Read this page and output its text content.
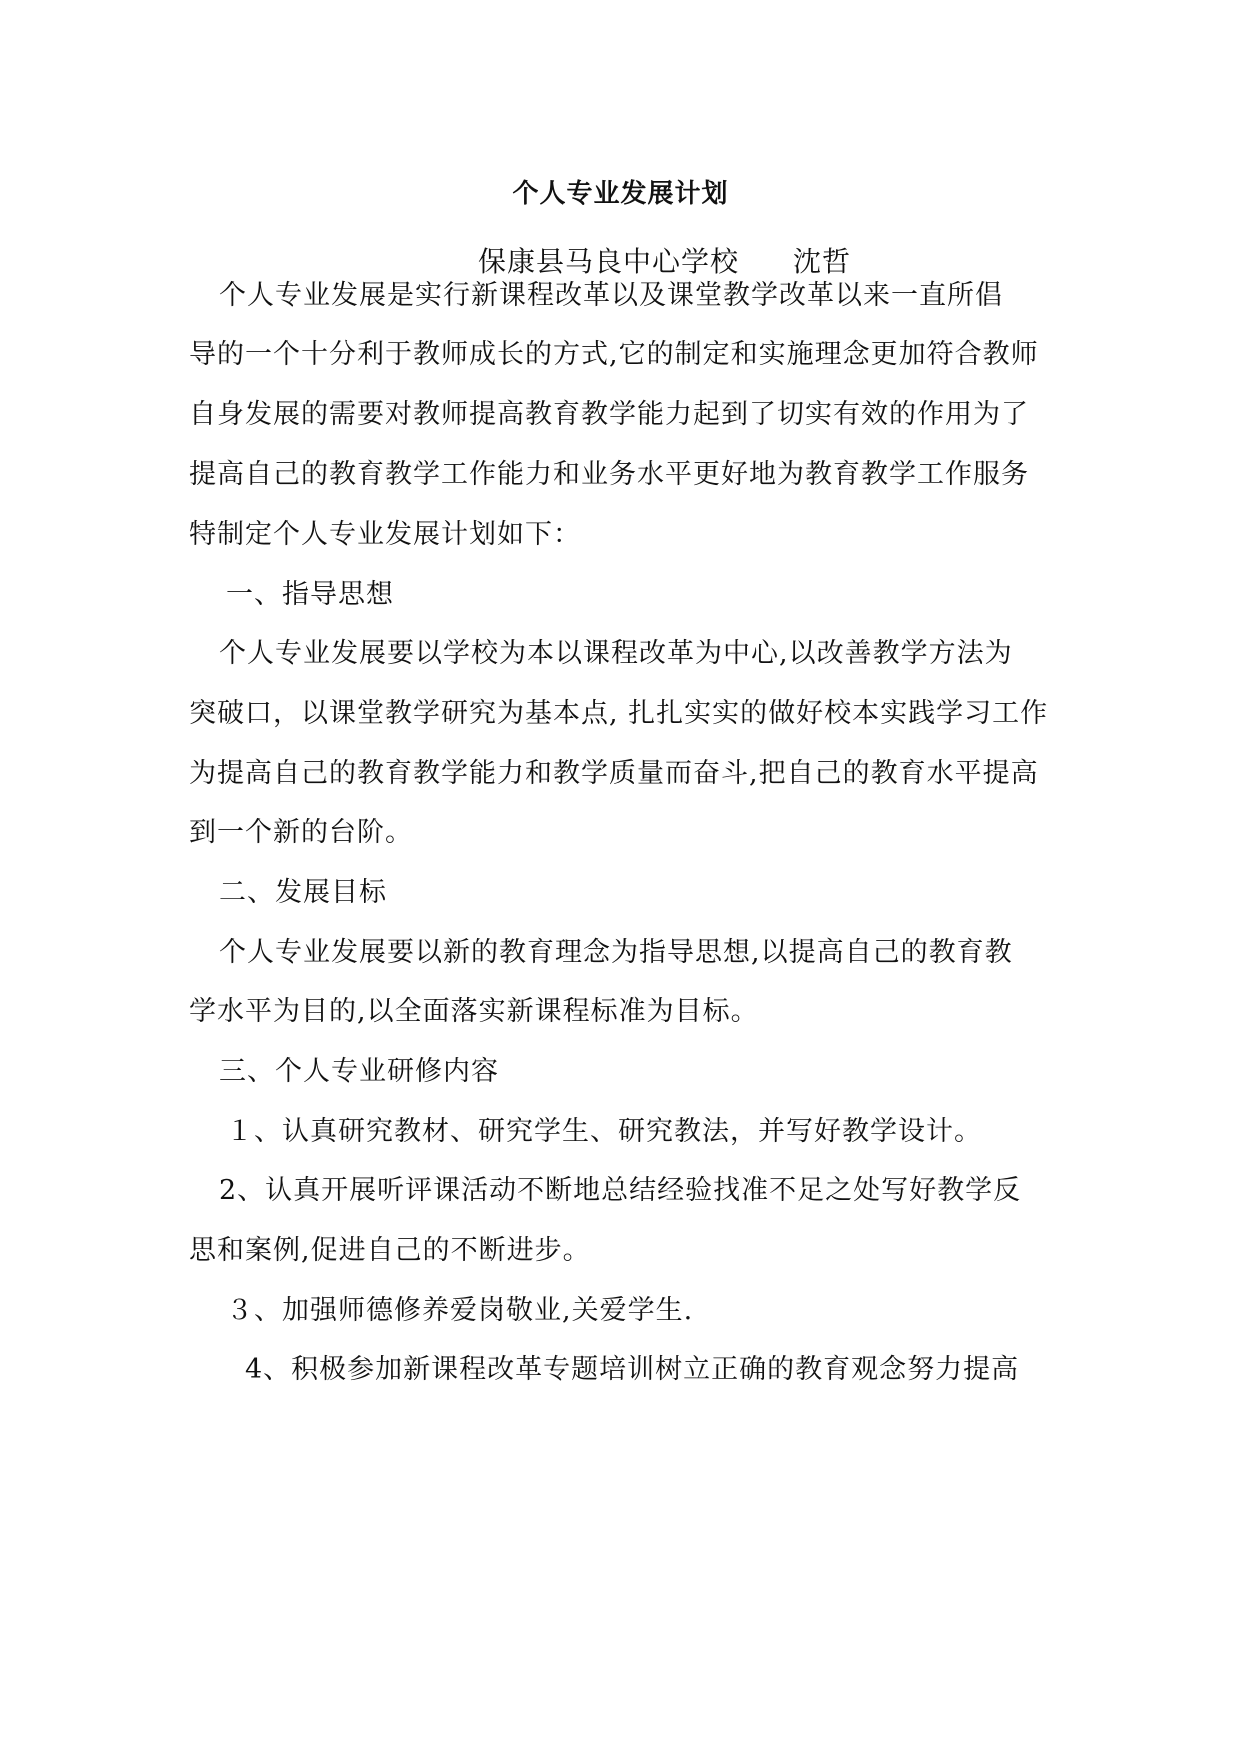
个人专业发展计划
保康县马良中心学校 沈哲
个人专业发展是实行新课程改革以及课堂教学改革以来一直所倡
导的一个十分利于教师成长的方式,它的制定和实施理念更加符合教师
自身发展的需要对教师提高教育教学能力起到了切实有效的作用为了
提高自己的教育教学工作能力和业务水平更好地为教育教学工作服务
特制定个人专业发展计划如下：
一、指导思想
个人专业发展要以学校为本以课程改革为中心,以改善教学方法为
突破口，以课堂教学研究为基本点, 扎扎实实的做好校本实践学习工作
为提高自己的教育教学能力和教学质量而奋斗,把自己的教育水平提高
到一个新的台阶。
二、发展目标
个人专业发展要以新的教育理念为指导思想,以提高自己的教育教
学水平为目的,以全面落实新课程标准为目标。
三、个人专业研修内容
１、认真研究教材、研究学生、研究教法，并写好教学设计。
2、认真开展听评课活动不断地总结经验找准不足之处写好教学反
思和案例,促进自己的不断进步。
３、加强师德修养爱岗敬业,关爱学生.
4、积极参加新课程改革专题培训树立正确的教育观念努力提高
